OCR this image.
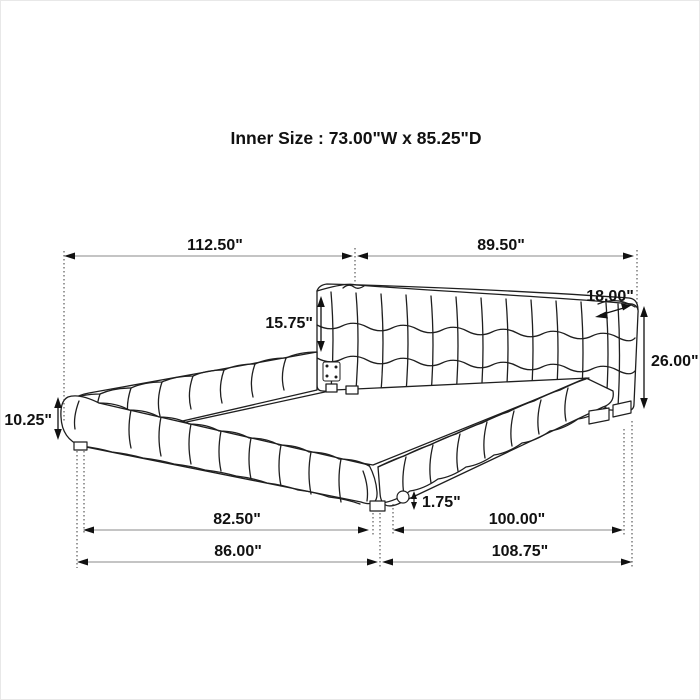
Inner Size : 73.00"W x 85.25"D
112.50"	89.50"
18.00"
15.75"
26.00"
10.25"
1.75"
82.50"	100.00"
86.00"	108.75"
